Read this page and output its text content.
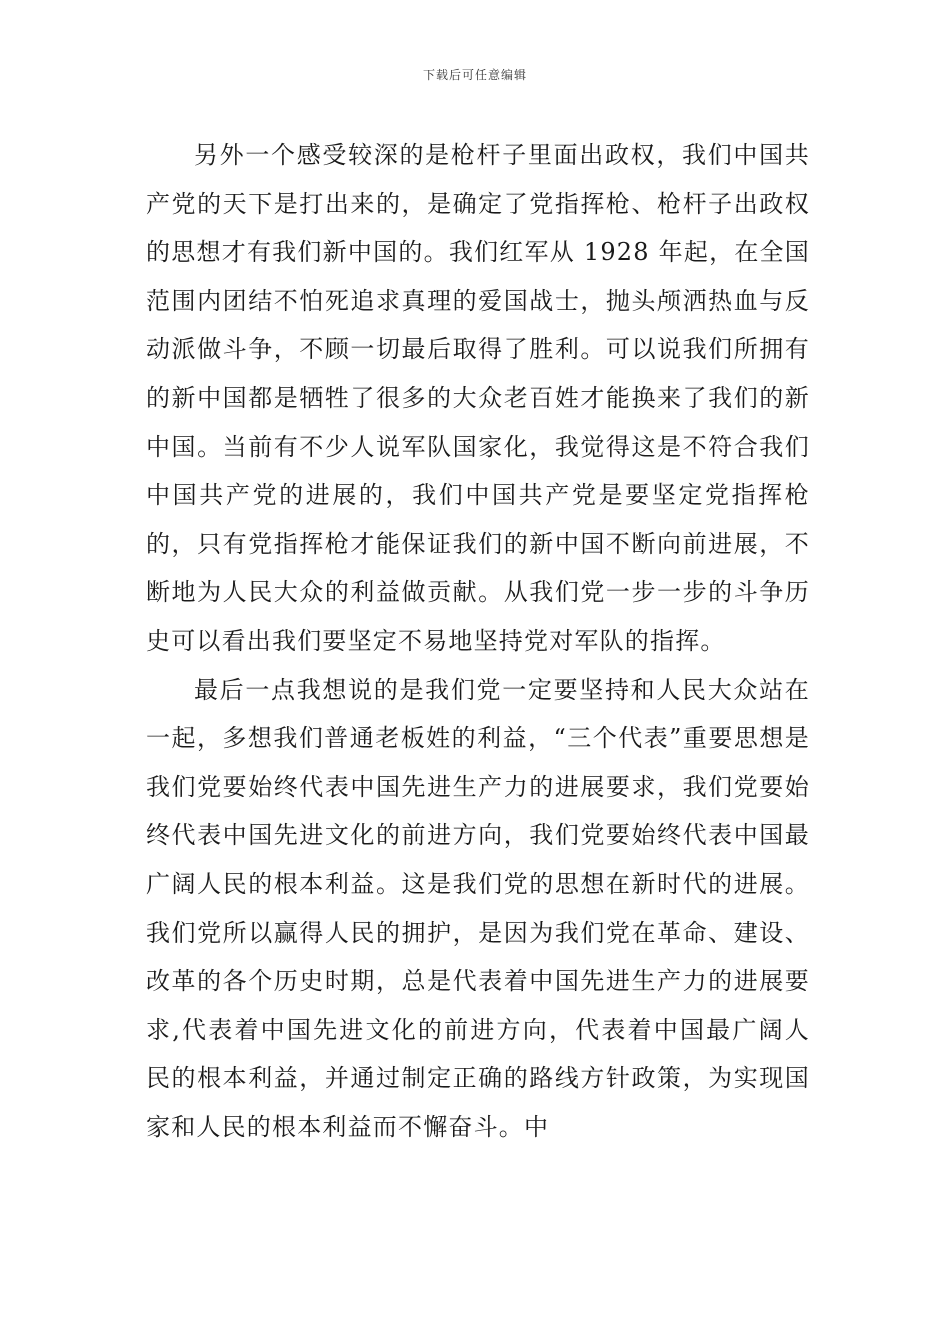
下载后可任意编辑

另外一个感受较深的是枪杆子里面出政权，我们中国共产党的天下是打出来的，是确定了党指挥枪、枪杆子出政权的思想才有我们新中国的。我们红军从 1928 年起，在全国范围内团结不怕死追求真理的爱国战士，抛头颅洒热血与反动派做斗争，不顾一切最后取得了胜利。可以说我们所拥有的新中国都是牺牲了很多的大众老百姓才能换来了我们的新中国。当前有不少人说军队国家化，我觉得这是不符合我们中国共产党的进展的，我们中国共产党是要坚定党指挥枪的，只有党指挥枪才能保证我们的新中国不断向前进展，不断地为人民大众的利益做贡献。从我们党一步一步的斗争历史可以看出我们要坚定不易地坚持党对军队的指挥。

最后一点我想说的是我们党一定要坚持和人民大众站在一起，多想我们普通老板姓的利益，“三个代表”重要思想是我们党要始终代表中国先进生产力的进展要求，我们党要始终代表中国先进文化的前进方向，我们党要始终代表中国最广阔人民的根本利益。这是我们党的思想在新时代的进展。我们党所以赢得人民的拥护，是因为我们党在革命、建设、改革的各个历史时期，总是代表着中国先进生产力的进展要求,代表着中国先进文化的前进方向，代表着中国最广阔人民的根本利益，并通过制定正确的路线方针政策，为实现国家和人民的根本利益而不懈奋斗。中
